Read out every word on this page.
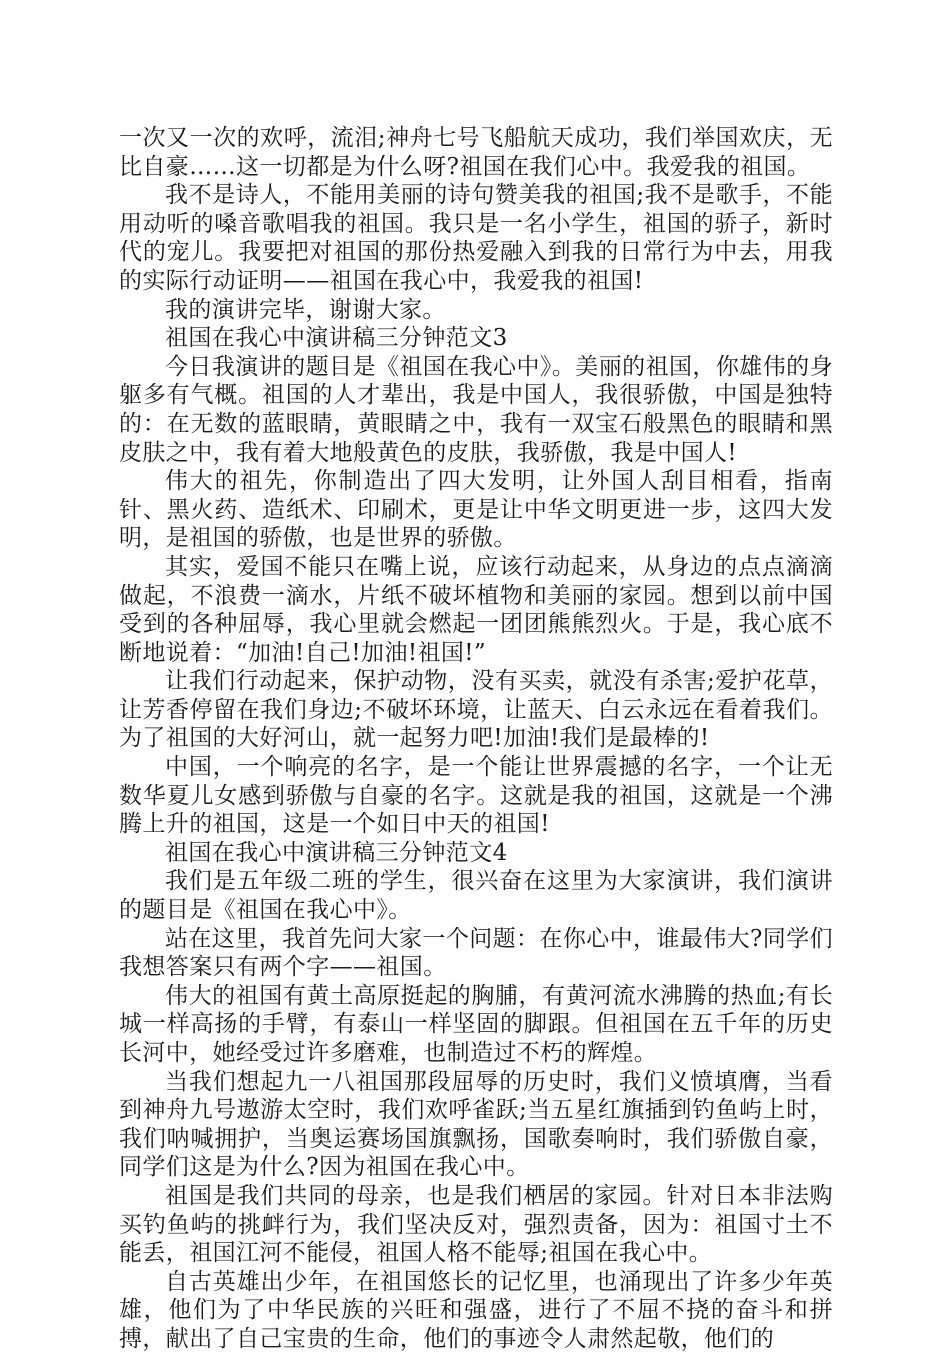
一次又一次的欢呼，流泪;神舟七号飞船航天成功，我们举国欢庆，无比自豪……这一切都是为什么呀?祖国在我们心中。我爱我的祖国。

我不是诗人，不能用美丽的诗句赞美我的祖国;我不是歌手，不能用动听的嗓音歌唱我的祖国。我只是一名小学生，祖国的骄子，新时代的宠儿。我要把对祖国的那份热爱融入到我的日常行为中去，用我的实际行动证明——祖国在我心中，我爱我的祖国!

我的演讲完毕，谢谢大家。

祖国在我心中演讲稿三分钟范文3

今日我演讲的题目是《祖国在我心中》。美丽的祖国，你雄伟的身躯多有气概。祖国的人才辈出，我是中国人，我很骄傲，中国是独特的：在无数的蓝眼睛，黄眼睛之中，我有一双宝石般黑色的眼睛和黑皮肤之中，我有着大地般黄色的皮肤，我骄傲，我是中国人!

伟大的祖先，你制造出了四大发明，让外国人刮目相看，指南针、黑火药、造纸术、印刷术，更是让中华文明更进一步，这四大发明，是祖国的骄傲，也是世界的骄傲。

其实，爱国不能只在嘴上说，应该行动起来，从身边的点点滴滴做起，不浪费一滴水，片纸不破坏植物和美丽的家园。想到以前中国受到的各种屈辱，我心里就会燃起一团团熊熊烈火。于是，我心底不断地说着：“加油!自己!加油!祖国!”

让我们行动起来，保护动物，没有买卖，就没有杀害;爱护花草，让芳香停留在我们身边;不破坏环境，让蓝天、白云永远在看着我们。为了祖国的大好河山，就一起努力吧!加油!我们是最棒的!

中国，一个响亮的名字，是一个能让世界震撼的名字，一个让无数华夏儿女感到骄傲与自豪的名字。这就是我的祖国，这就是一个沸腾上升的祖国，这是一个如日中天的祖国!

祖国在我心中演讲稿三分钟范文4

我们是五年级二班的学生，很兴奋在这里为大家演讲，我们演讲的题目是《祖国在我心中》。

站在这里，我首先问大家一个问题：在你心中，谁最伟大?同学们我想答案只有两个字——祖国。

伟大的祖国有黄土高原挺起的胸脯，有黄河流水沸腾的热血;有长城一样高扬的手臂，有泰山一样坚固的脚跟。但祖国在五千年的历史长河中，她经受过许多磨难，也制造过不朽的辉煌。

当我们想起九一八祖国那段屈辱的历史时，我们义愤填膺，当看到神舟九号遨游太空时，我们欢呼雀跃;当五星红旗插到钓鱼屿上时，我们呐喊拥护，当奥运赛场国旗飘扬，国歌奏响时，我们骄傲自豪，同学们这是为什么?因为祖国在我心中。

祖国是我们共同的母亲，也是我们栖居的家园。针对日本非法购买钓鱼屿的挑衅行为，我们坚决反对，强烈责备，因为：祖国寸土不能丢，祖国江河不能侵，祖国人格不能辱;祖国在我心中。

自古英雄出少年，在祖国悠长的记忆里，也涌现出了许多少年英雄，他们为了中华民族的兴旺和强盛，进行了不屈不挠的奋斗和拼搏，献出了自己宝贵的生命，他们的事迹令人肃然起敬，他们的
